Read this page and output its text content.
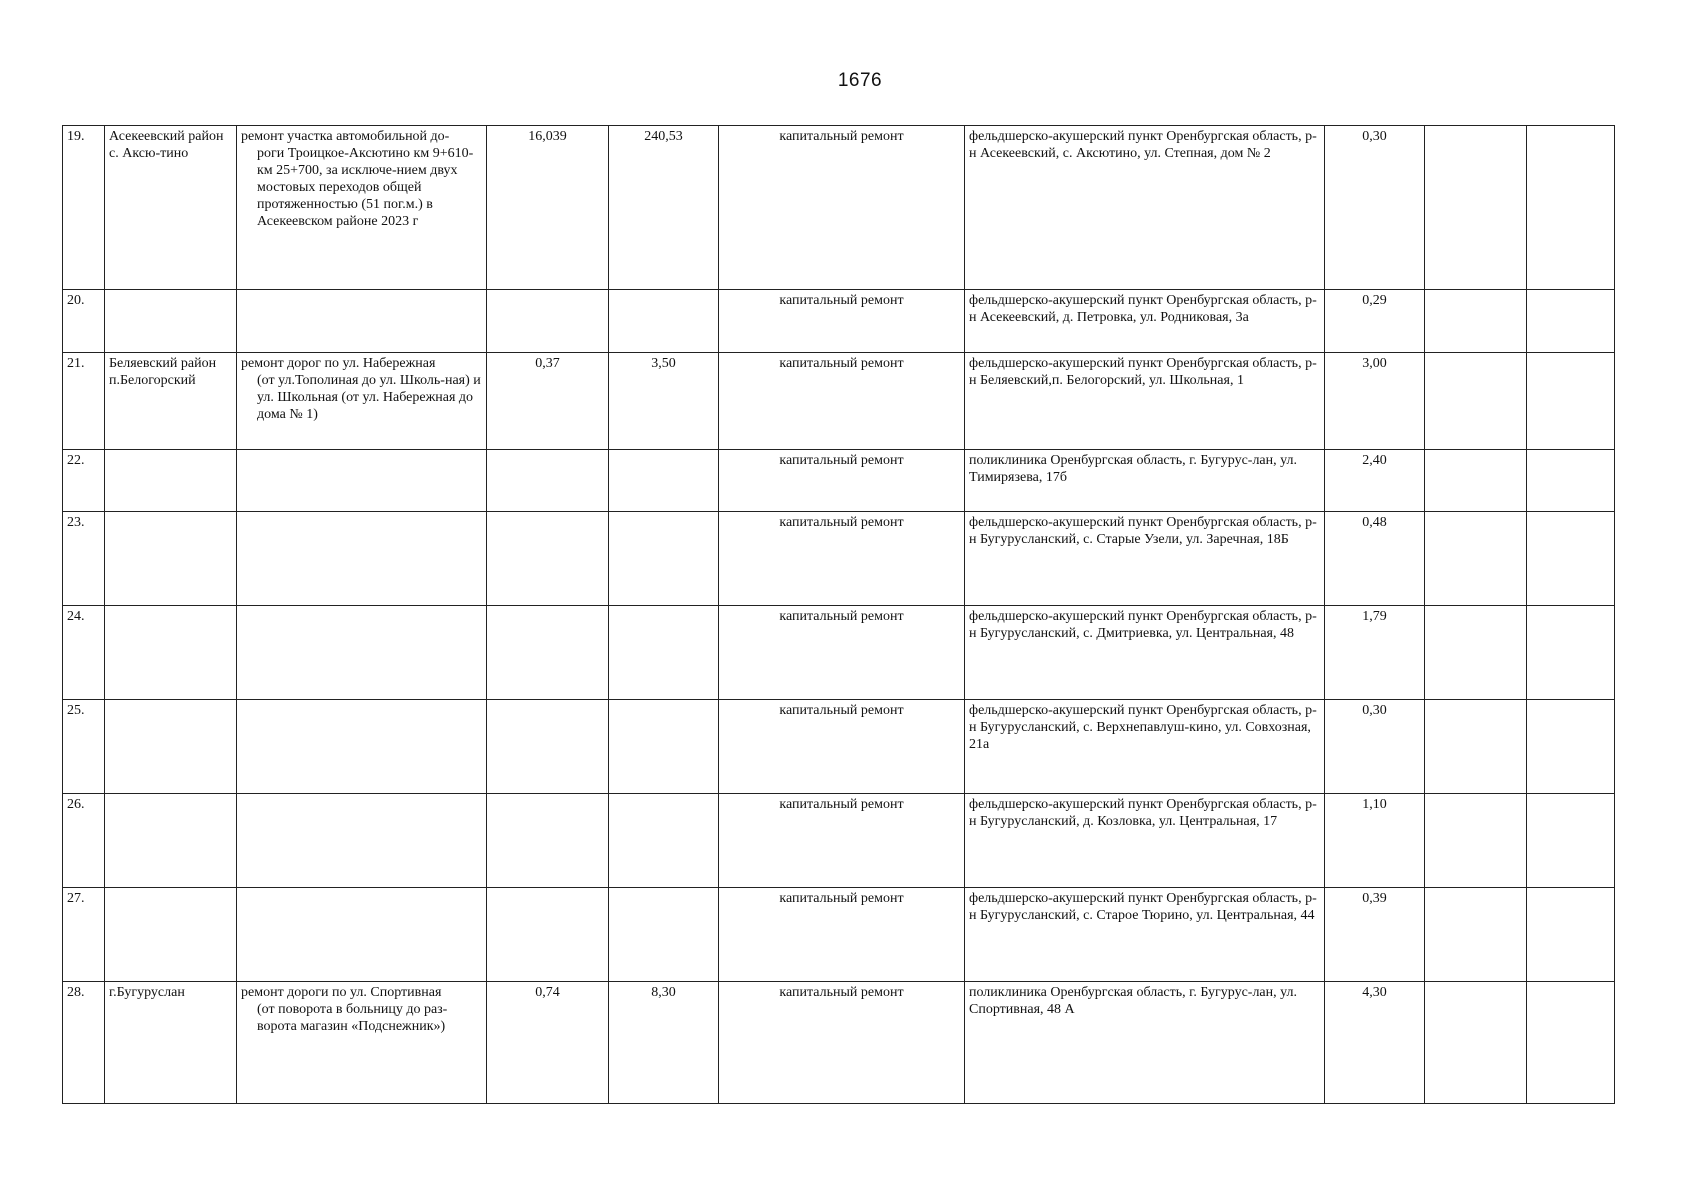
1676
19.	Асекеевский район с. Аксю-тино	ремонт участка автомобильной до-
роги Троицкое-Аксютино км 9+610-км 25+700, за исключе-нием двух мостовых переходов общей протяженностью (51 пог.м.) в Асекеевском районе 2023 г	16,039	240,53	капитальный ремонт	фельдшерско-акушерский пункт Оренбургская область, р- н Асекеевский, с. Аксютино, ул. Степная, дом № 2	0,30		
20.					капитальный ремонт	фельдшерско-акушерский пункт Оренбургская область, р-н Асекеевский, д. Петровка, ул. Родниковая, 3а	0,29		
21.	Беляевский район п.Белогорский	ремонт дорог по ул. Набережная
(от ул.Тополиная до ул. Школь-ная) и ул. Школьная (от ул. Набережная до дома № 1)	0,37	3,50	капитальный ремонт	фельдшерско-акушерский пункт Оренбургская область, р-н Беляевский,п. Белогорский, ул. Школьная, 1	3,00		
22.					капитальный ремонт	поликлиника Оренбургская область, г. Бугурус-лан, ул. Тимирязева, 17б	2,40		
23.					капитальный ремонт	фельдшерско-акушерский пункт Оренбургская область, р-н Бугурусланский, с. Старые Узели, ул. Заречная, 18Б	0,48		
24.					капитальный ремонт	фельдшерско-акушерский пункт Оренбургская область, р-н Бугурусланский, с. Дмитриевка, ул. Центральная, 48	1,79		
25.					капитальный ремонт	фельдшерско-акушерский пункт Оренбургская область, р-н Бугурусланский, с. Верхнепавлуш-кино, ул. Совхозная, 21а	0,30		
26.					капитальный ремонт	фельдшерско-акушерский пункт Оренбургская область, р-н Бугурусланский, д. Козловка, ул. Центральная, 17	1,10		
27.					капитальный ремонт	фельдшерско-акушерский пункт Оренбургская область, р-н Бугурусланский, с. Старое Тюрино, ул. Центральная, 44	0,39		
28.	г.Бугуруслан	ремонт дороги по ул. Спортивная
(от поворота в больницу до раз-ворота магазин «Подснежник»)	0,74	8,30	капитальный ремонт	поликлиника Оренбургская область, г. Бугурус-лан, ул. Спортивная, 48 А	4,30		
